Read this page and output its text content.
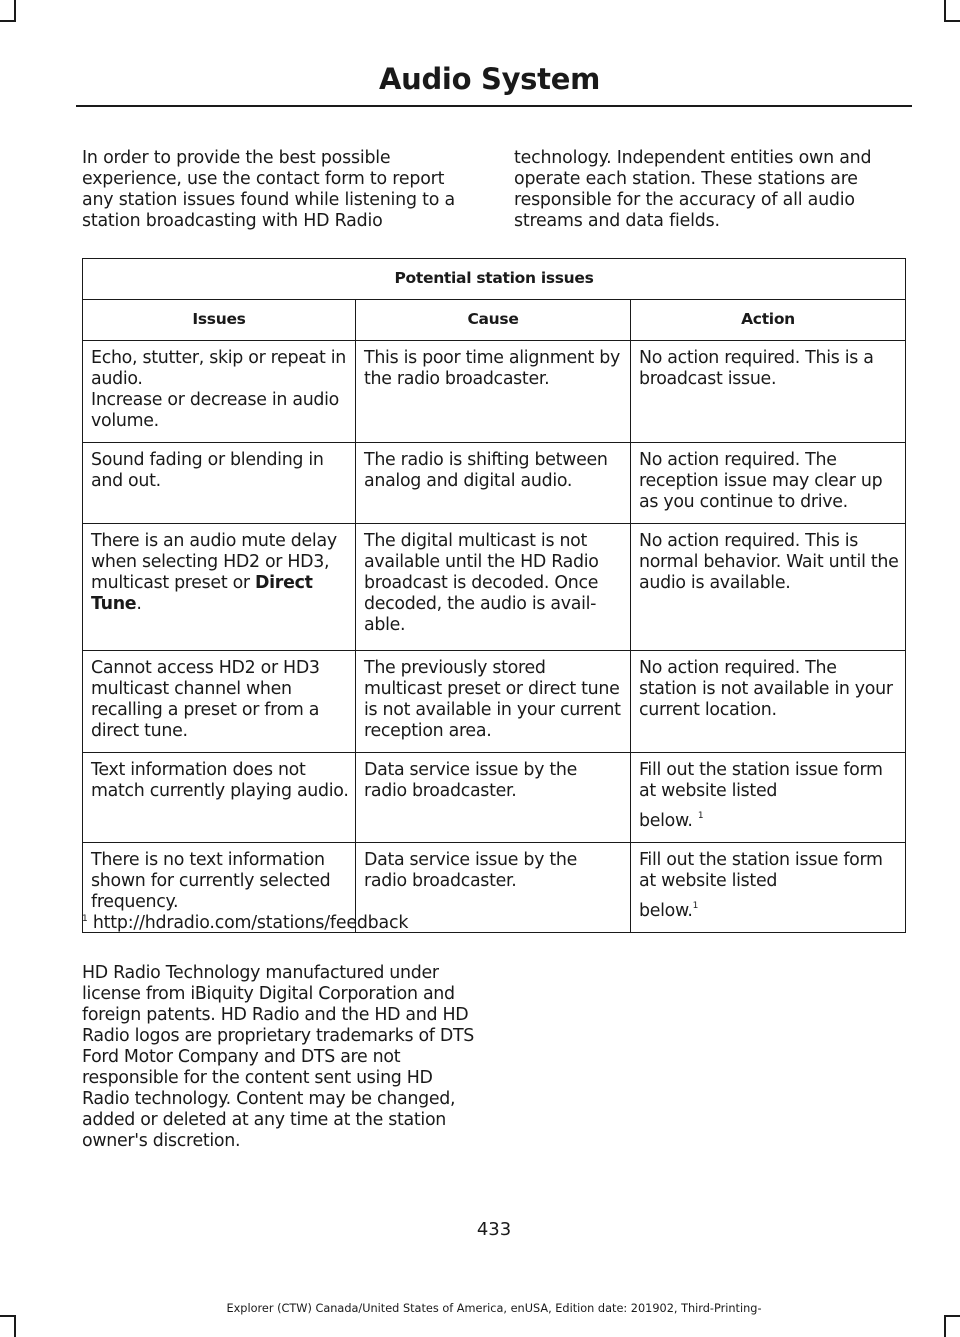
Audio System
In order to provide the best possible experience, use the contact form to report any station issues found while listening to a station broadcasting with HD Radio
technology. Independent entities own and operate each station. These stations are responsible for the accuracy of all audio streams and data fields.
Potential station issues		
Issues	Cause	Action

Echo, stutter, skip or repeat in audio.
Increase or decrease in audio volume.	This is poor time alignment by the radio broadcaster.	No action required. This is a broadcast issue.
Sound fading or blending in and out.	The radio is shifting between analog and digital audio.	No action required. The reception issue may clear up as you continue to drive.
There is an audio mute delay when selecting HD2 or HD3, multicast preset or Direct Tune.	The digital multicast is not available until the HD Radio broadcast is decoded. Once decoded, the audio is avail-able.	No action required. This is normal behavior. Wait until the audio is available.
Cannot access HD2 or HD3 multicast channel when recalling a preset or from a direct tune.	The previously stored multicast preset or direct tune is not available in your current reception area.	No action required. The station is not available in your current location.
Text information does not match currently playing audio.	Data service issue by the radio broadcaster.	Fill out the station issue form at website listed
below. $^1$

There is no text information shown for currently selected frequency.	Data service issue by the radio broadcaster.	Fill out the station issue form at website listed
below.$^1$
$^1$ http://hdradio.com/stations/feedback
HD Radio Technology manufactured under license from iBiquity Digital Corporation and foreign patents. HD Radio and the HD and HD Radio logos are proprietary trademarks of DTS Ford Motor Company and DTS are not responsible for the content sent using HD Radio technology. Content may be changed, added or deleted at any time at the station owner's discretion.
433
Explorer (CTW) Canada/United States of America, enUSA, Edition date: 201902, Third-Printing-
